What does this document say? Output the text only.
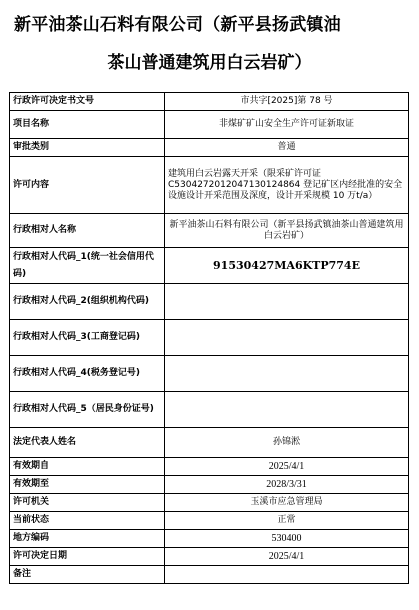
新平油茶山石料有限公司（新平县扬武镇油
茶山普通建筑用白云岩矿）
行政许可决定书文号	市共字[2025]第 78 号
项目名称	非煤矿矿山安全生产许可证新取证
审批类别	普通
许可内容	建筑用白云岩露天开采（限采矿许可证C5304272012047130124864 登记矿区内经批准的安全设施设计开采范围及深度，设计开采规模 10 万t/a）
行政相对人名称	新平油茶山石料有限公司（新平县扬武镇油茶山普通建筑用白云岩矿）
行政相对人代码_1(统一社会信用代码)	91530427MA6KTP774E
行政相对人代码_2(组织机构代码)	
行政相对人代码_3(工商登记码)	
行政相对人代码_4(税务登记号)	
行政相对人代码_5（居民身份证号)	
法定代表人姓名	孙锦淞
有效期自	2025/4/1
有效期至	2028/3/31
许可机关	玉溪市应急管理局
当前状态	正常
地方编码	530400
许可决定日期	2025/4/1
备注	
